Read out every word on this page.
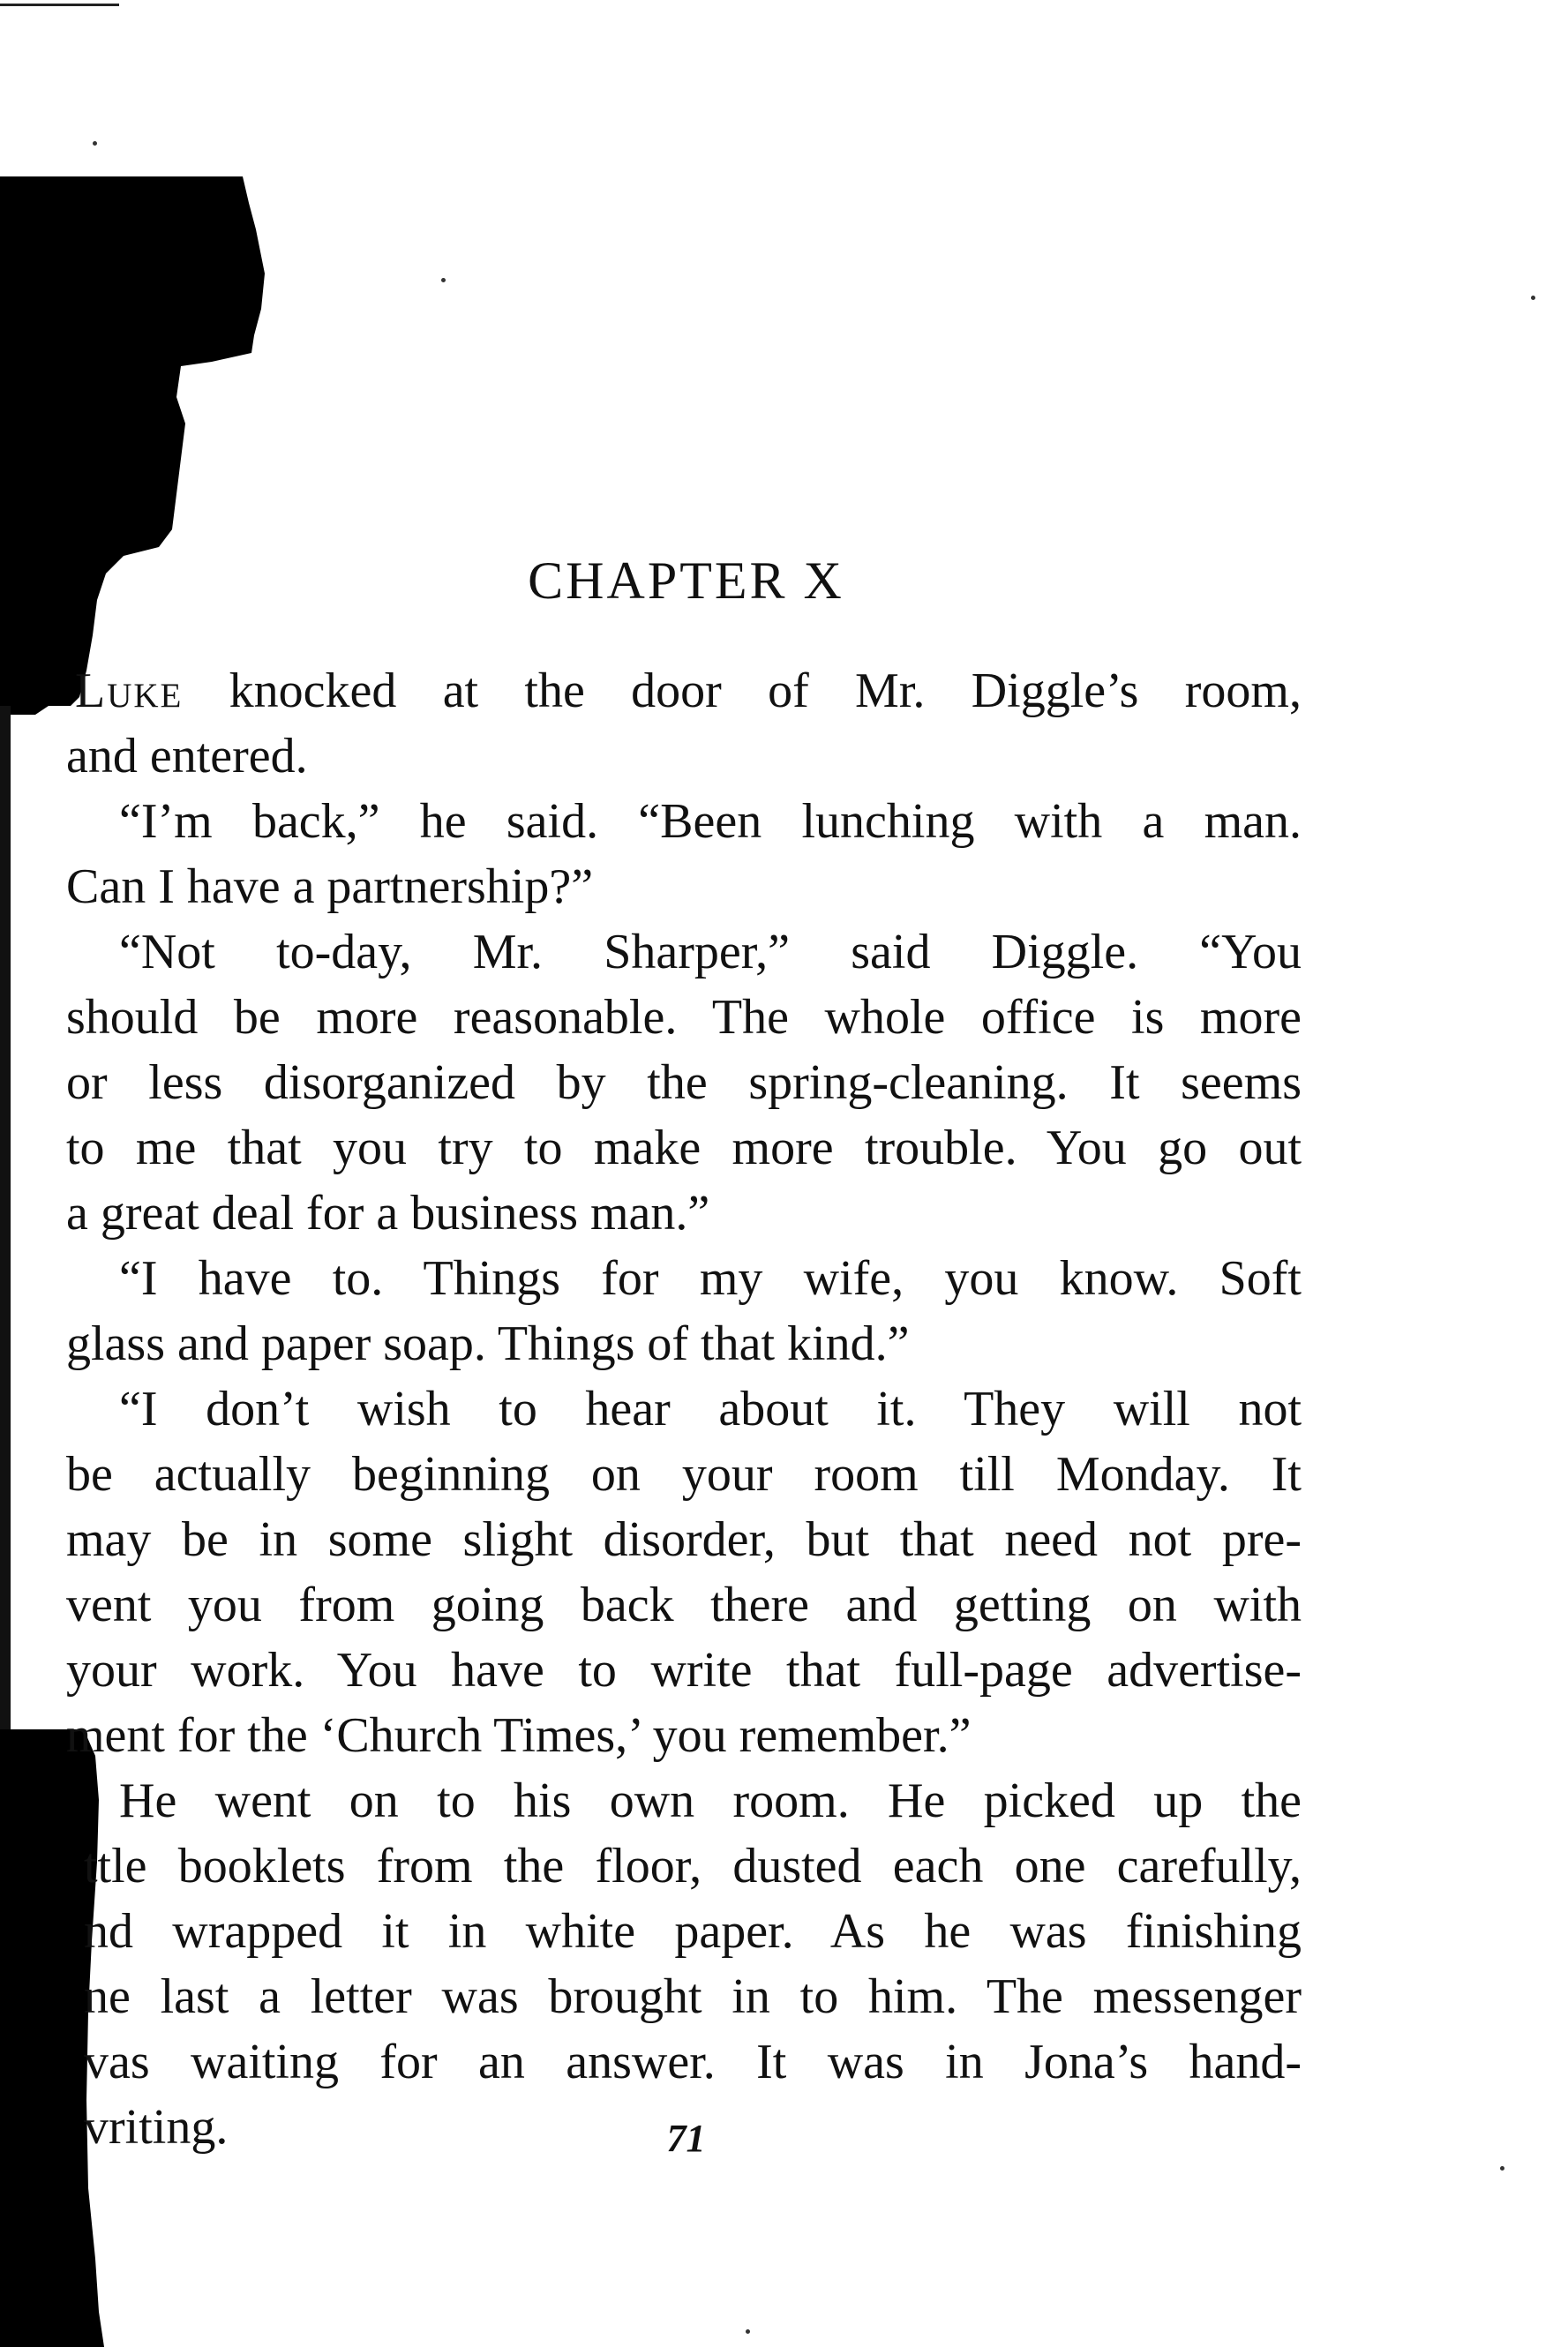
CHAPTER X
Luke knocked at the door of Mr. Diggle’s room,
and entered.
“I’m back,” he said. “Been lunching with a man.
Can I have a partnership?”
“Not to-day, Mr. Sharper,” said Diggle. “You
should be more reasonable. The whole office is more
or less disorganized by the spring-cleaning. It seems
to me that you try to make more trouble. You go out
a great deal for a business man.”
“I have to. Things for my wife, you know. Soft
glass and paper soap. Things of that kind.”
“I don’t wish to hear about it. They will not
be actually beginning on your room till Monday. It
may be in some slight disorder, but that need not pre-
vent you from going back there and getting on with
your work. You have to write that full-page advertise-
ment for the ‘Church Times,’ you remember.”
He went on to his own room. He picked up the
ttle booklets from the floor, dusted each one carefully,
nd wrapped it in white paper. As he was finishing
ne last a letter was brought in to him. The messenger
vas waiting for an answer. It was in Jona’s hand-
vriting.	71
